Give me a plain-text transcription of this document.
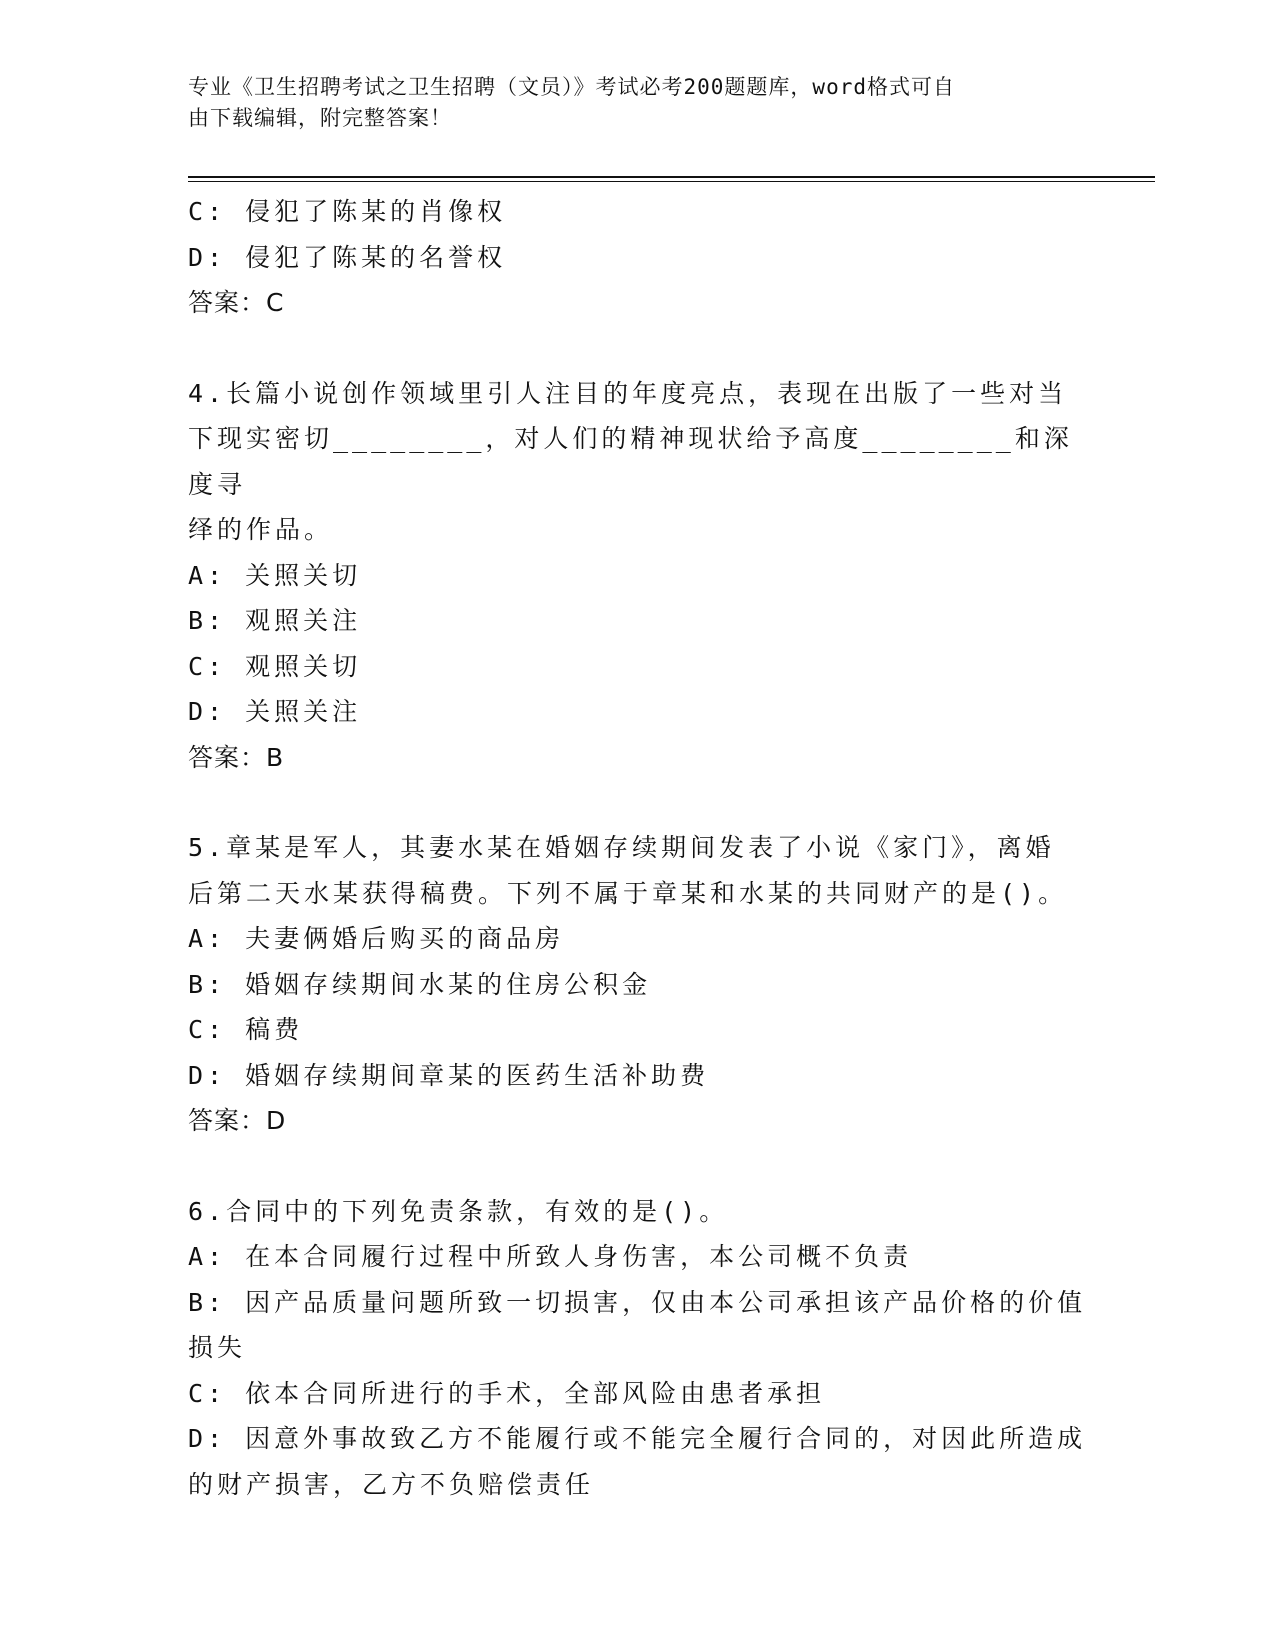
专业《卫生招聘考试之卫生招聘（文员）》考试必考200题题库，word格式可自
由下载编辑，附完整答案！
C: 侵犯了陈某的肖像权
D: 侵犯了陈某的名誉权
答案：C
4.长篇小说创作领域里引人注目的年度亮点，表现在出版了一些对当
下现实密切________，对人们的精神现状给予高度________和深度寻
绎的作品。
A: 关照关切
B: 观照关注
C: 观照关切
D: 关照关注
答案：B
5.章某是军人，其妻水某在婚姻存续期间发表了小说《家门》，离婚
后第二天水某获得稿费。下列不属于章某和水某的共同财产的是()。
A: 夫妻俩婚后购买的商品房
B: 婚姻存续期间水某的住房公积金
C: 稿费
D: 婚姻存续期间章某的医药生活补助费
答案：D
6.合同中的下列免责条款，有效的是()。
A: 在本合同履行过程中所致人身伤害，本公司概不负责
B: 因产品质量问题所致一切损害，仅由本公司承担该产品价格的价值
损失
C: 依本合同所进行的手术，全部风险由患者承担
D: 因意外事故致乙方不能履行或不能完全履行合同的，对因此所造成
的财产损害，乙方不负赔偿责任
